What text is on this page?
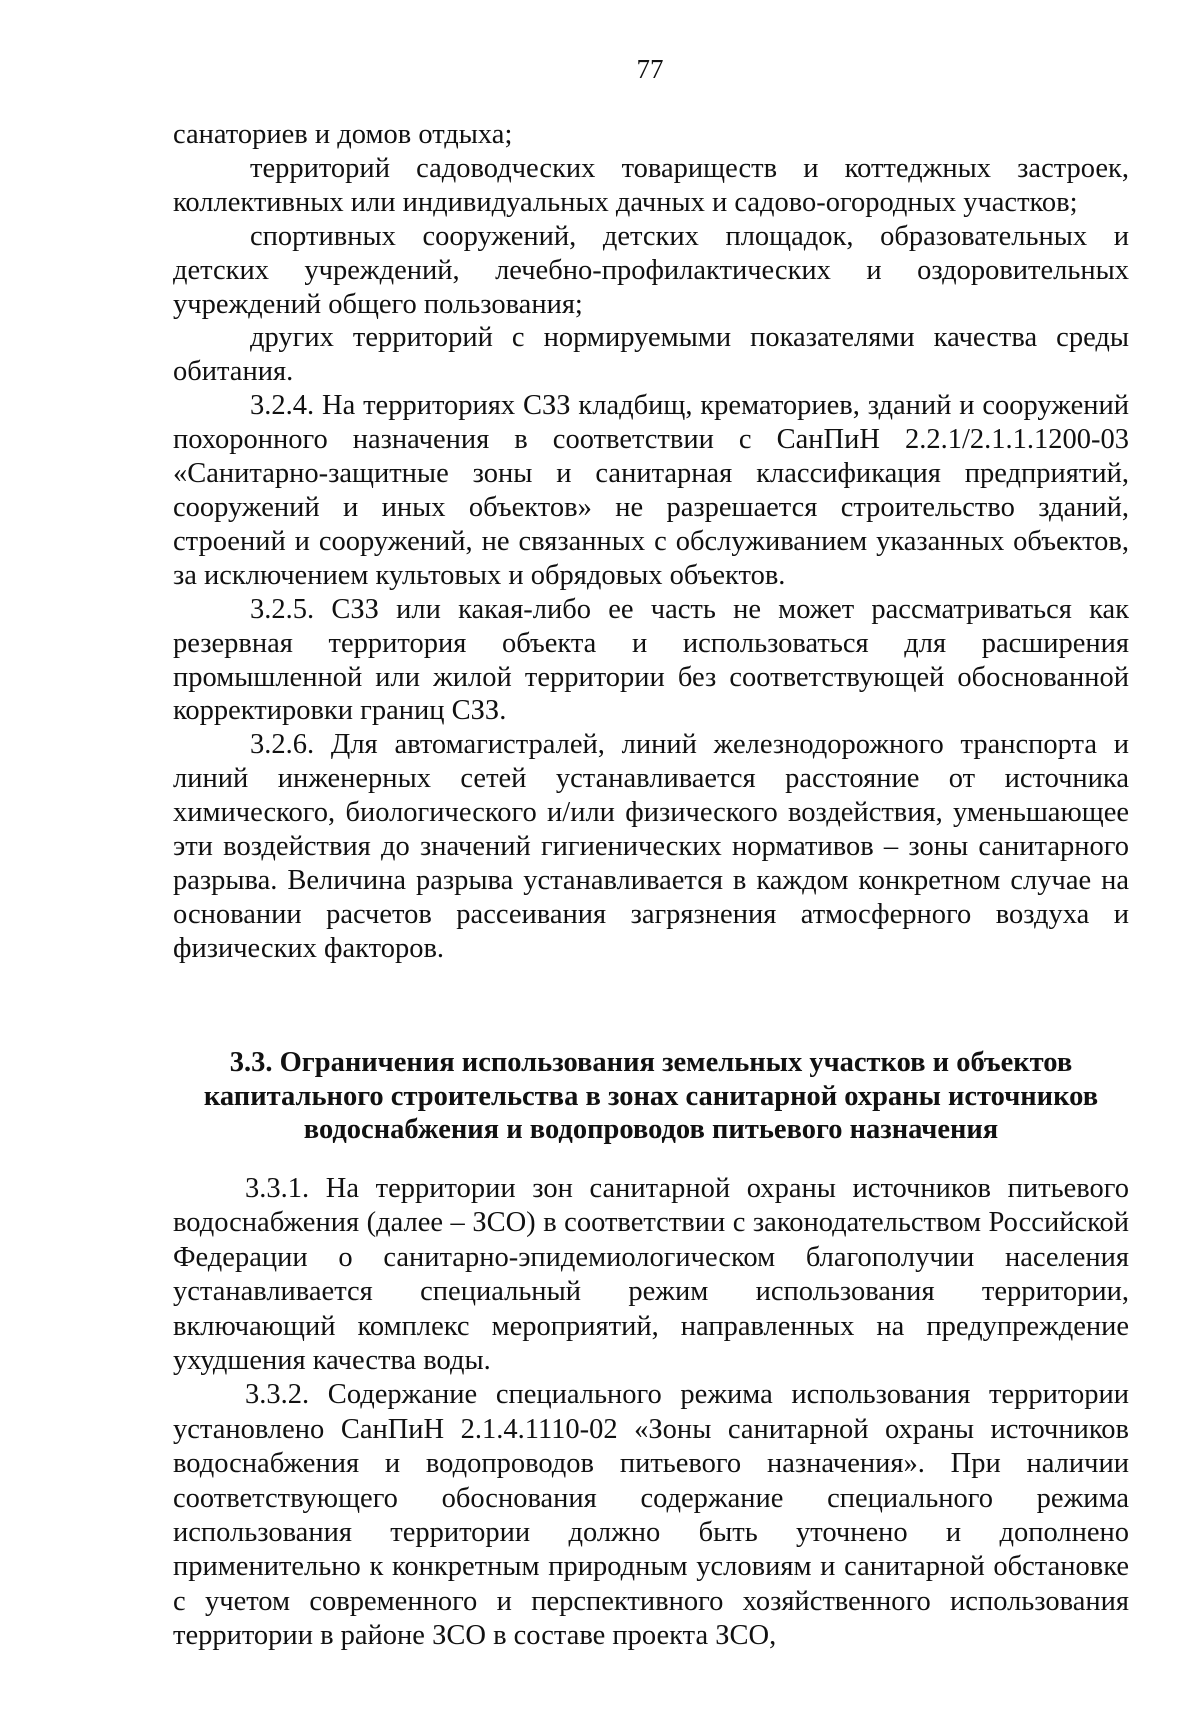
77

санаториев и домов отдыха;

территорий садоводческих товариществ и коттеджных застроек, коллективных или индивидуальных дачных и садово-огородных участков;

спортивных сооружений, детских площадок, образовательных и детских учреждений, лечебно-профилактических и оздоровительных учреждений общего пользования;

других территорий с нормируемыми показателями качества среды обитания.

3.2.4. На территориях СЗЗ кладбищ, крематориев, зданий и сооружений похоронного назначения в соответствии с СанПиН 2.2.1/2.1.1.1200-03 «Санитарно-защитные зоны и санитарная классификация предприятий, сооружений и иных объектов» не разрешается строительство зданий, строений и сооружений, не связанных с обслуживанием указанных объектов, за исключением культовых и обрядовых объектов.

3.2.5. СЗЗ или какая-либо ее часть не может рассматриваться как резервная территория объекта и использоваться для расширения промышленной или жилой территории без соответствующей обоснованной корректировки границ СЗЗ.

3.2.6. Для автомагистралей, линий железнодорожного транспорта и линий инженерных сетей устанавливается расстояние от источника химического, биологического и/или физического воздействия, уменьшающее эти воздействия до значений гигиенических нормативов – зоны санитарного разрыва. Величина разрыва устанавливается в каждом конкретном случае на основании расчетов рассеивания загрязнения атмосферного воздуха и физических факторов.

3.3. Ограничения использования земельных участков и объектов капитального строительства в зонах санитарной охраны источников водоснабжения и водопроводов питьевого назначения

3.3.1. На территории зон санитарной охраны источников питьевого водоснабжения (далее – ЗСО) в соответствии с законодательством Российской Федерации о санитарно-эпидемиологическом благополучии населения устанавливается специальный режим использования территории, включающий комплекс мероприятий, направленных на предупреждение ухудшения качества воды.

3.3.2. Содержание специального режима использования территории установлено СанПиН 2.1.4.1110-02 «Зоны санитарной охраны источников водоснабжения и водопроводов питьевого назначения». При наличии соответствующего обоснования содержание специального режима использования территории должно быть уточнено и дополнено применительно к конкретным природным условиям и санитарной обстановке с учетом современного и перспективного хозяйственного использования территории в районе ЗСО в составе проекта ЗСО,
